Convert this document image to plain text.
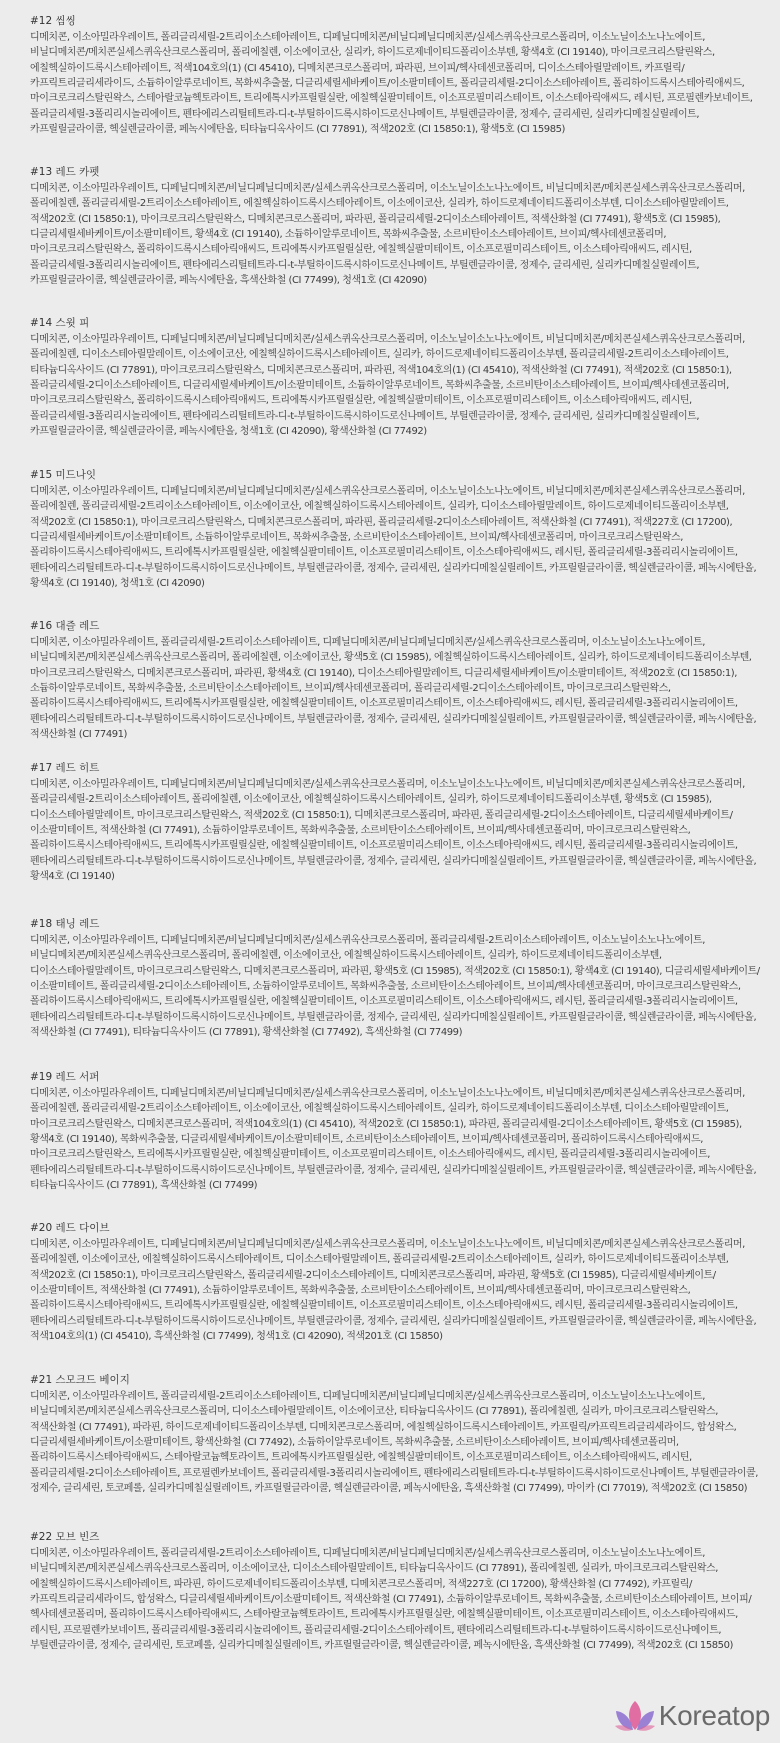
#12 씸씽
디메치콘, 이소아밀라우레이트, 폴리글리세릴-2트리이소스테아레이트, 디페닐디메치콘/비닐디페닐디메치콘/실세스퀴옥산크로스폴리머, 이소노닐이소노나노에이트, 비닐디메치콘/메치콘실세스퀴옥산크로스폴리머, 폴리에칠렌, 이소에이코산, 실리카, 하이드로제네이티드폴리이소부텐, 황색4호 (CI 19140), 마이크로크리스탈린왁스, 에칠헥실하이드록시스테아레이트, 적색104호의(1) (CI 45410), 디메치콘크로스폴리머, 파라핀, 브이피/헥사데센코폴리머, 디이소스테아릴말레이트, 카프릴릭/카프릭트리글리세라이드, 소듐하이알루로네이트, 목화씨추출물, 디글리세릴세바케이트/이소팔미테이트, 폴리글리세릴-2디이소스테아레이트, 폴리하이드록시스테아릭애씨드, 마이크로크리스탈린왁스, 스테아랄코늄헥토라이트, 트리에톡시카프릴릴실란, 에칠헥실팔미테이트, 이소프로필미리스테이트, 이소스테아릭애씨드, 레시틴, 프로필렌카보네이트, 폴리글리세릴-3폴리리시놀리에이트, 펜타에리스리틸테트라-디-t-부틸하이드록시하이드로신나메이트, 부틸렌글라이콜, 정제수, 글리세린, 실리카디메칠실릴레이트, 카프릴릴글라이콜, 헥실렌글라이콜, 페녹시에탄올, 티타늄디옥사이드 (CI 77891), 적색202호 (CI 15850:1), 황색5호 (CI 15985)
#13 레드 카펫
디메치콘, 이소아밀라우레이트, 디페닐디메치콘/비닐디페닐디메치콘/실세스퀴옥산크로스폴리머, 이소노닐이소노나노에이트, 비닐디메치콘/메치콘실세스퀴옥산크로스폴리머, 폴리에칠렌, 폴리글리세릴-2트리이소스테아레이트, 에칠헥실하이드록시스테아레이트, 이소에이코산, 실리카, 하이드로제네이티드폴리이소부텐, 디이소스테아릴말레이트, 적색202호 (CI 15850:1), 마이크로크리스탈린왁스, 디메치콘크로스폴리머, 파라핀, 폴리글리세릴-2디이소스테아레이트, 적색산화철 (CI 77491), 황색5호 (CI 15985), 디글리세릴세바케이트/이소팔미테이트, 황색4호 (CI 19140), 소듐하이알루로네이트, 목화씨추출물, 소르비탄이소스테아레이트, 브이피/헥사데센코폴리머, 마이크로크리스탈린왁스, 폴리하이드록시스테아릭애씨드, 트리에톡시카프릴릴실란, 에칠헥실팔미테이트, 이소프로필미리스테이트, 이소스테아릭애씨드, 레시틴, 폴리글리세릴-3폴리리시놀리에이트, 펜타에리스리틸테트라-디-t-부틸하이드록시하이드로신나메이트, 부틸렌글라이콜, 정제수, 글리세린, 실리카디메칠실릴레이트, 카프릴릴글라이콜, 헥실렌글라이콜, 페녹시에탄올, 흑색산화철 (CI 77499), 청색1호 (CI 42090)
#14 스윗 피
디메치콘, 이소아밀라우레이트, 디페닐디메치콘/비닐디페닐디메치콘/실세스퀴옥산크로스폴리머, 이소노닐이소노나노에이트, 비닐디메치콘/메치콘실세스퀴옥산크로스폴리머, 폴리에칠렌, 디이소스테아릴말레이트, 이소에이코산, 에칠헥실하이드록시스테아레이트, 실리카, 하이드로제네이티드폴리이소부텐, 폴리글리세릴-2트리이소스테아레이트, 티타늄디옥사이드 (CI 77891), 마이크로크리스탈린왁스, 디메치콘크로스폴리머, 파라핀, 적색104호의(1) (CI 45410), 적색산화철 (CI 77491), 적색202호 (CI 15850:1), 폴리글리세릴-2디이소스테아레이트, 디글리세릴세바케이트/이소팔미테이트, 소듐하이알루로네이트, 목화씨추출물, 소르비탄이소스테아레이트, 브이피/헥사데센코폴리머, 마이크로크리스탈린왁스, 폴리하이드록시스테아릭애씨드, 트리에톡시카프릴릴실란, 에칠헥실팔미테이트, 이소프로필미리스테이트, 이소스테아릭애씨드, 레시틴, 폴리글리세릴-3폴리리시놀리에이트, 펜타에리스리틸테트라-디-t-부틸하이드록시하이드로신나메이트, 부틸렌글라이콜, 정제수, 글리세린, 실리카디메칠실릴레이트, 카프릴릴글라이콜, 헥실렌글라이콜, 페녹시에탄올, 청색1호 (CI 42090), 황색산화철 (CI 77492)
#15 미드나잇
디메치콘, 이소아밀라우레이트, 디페닐디메치콘/비닐디페닐디메치콘/실세스퀴옥산크로스폴리머, 이소노닐이소노나노에이트, 비닐디메치콘/메치콘실세스퀴옥산크로스폴리머, 폴리에칠렌, 폴리글리세릴-2트리이소스테아레이트, 이소에이코산, 에칠헥실하이드록시스테아레이트, 실리카, 디이소스테아릴말레이트, 하이드로제네이티드폴리이소부텐, 적색202호 (CI 15850:1), 마이크로크리스탈린왁스, 디메치콘크로스폴리머, 파라핀, 폴리글리세릴-2디이소스테아레이트, 적색산화철 (CI 77491), 적색227호 (CI 17200), 디글리세릴세바케이트/이소팔미테이트, 소듐하이알루로네이트, 목화씨추출물, 소르비탄이소스테아레이트, 브이피/헥사데센코폴리머, 마이크로크리스탈린왁스, 폴리하이드록시스테아릭애씨드, 트리에톡시카프릴릴실란, 에칠헥실팔미테이트, 이소프로필미리스테이트, 이소스테아릭애씨드, 레시틴, 폴리글리세릴-3폴리리시놀리에이트, 펜타에리스리틸테트라-디-t-부틸하이드록시하이드로신나메이트, 부틸렌글라이콜, 정제수, 글리세린, 실리카디메칠실릴레이트, 카프릴릴글라이콜, 헥실렌글라이콜, 페녹시에탄올, 황색4호 (CI 19140), 청색1호 (CI 42090)
#16 대즐 레드
디메치콘, 이소아밀라우레이트, 폴리글리세릴-2트리이소스테아레이트, 디페닐디메치콘/비닐디페닐디메치콘/실세스퀴옥산크로스폴리머, 이소노닐이소노나노에이트, 비닐디메치콘/메치콘실세스퀴옥산크로스폴리머, 폴리에칠렌, 이소에이코산, 황색5호 (CI 15985), 에칠헥실하이드록시스테아레이트, 실리카, 하이드로제네이티드폴리이소부텐, 마이크로크리스탈린왁스, 디메치콘크로스폴리머, 파라핀, 황색4호 (CI 19140), 디이소스테아릴말레이트, 디글리세릴세바케이트/이소팔미테이트, 적색202호 (CI 15850:1), 소듐하이알루로네이트, 목화씨추출물, 소르비탄이소스테아레이트, 브이피/헥사데센코폴리머, 폴리글리세릴-2디이소스테아레이트, 마이크로크리스탈린왁스, 폴리하이드록시스테아릭애씨드, 트리에톡시카프릴릴실란, 에칠헥실팔미테이트, 이소프로필미리스테이트, 이소스테아릭애씨드, 레시틴, 폴리글리세릴-3폴리리시놀리에이트, 펜타에리스리틸테트라-디-t-부틸하이드록시하이드로신나메이트, 부틸렌글라이콜, 정제수, 글리세린, 실리카디메칠실릴레이트, 카프릴릴글라이콜, 헥실렌글라이콜, 페녹시에탄올, 적색산화철 (CI 77491)
#17 레드 히트
디메치콘, 이소아밀라우레이트, 디페닐디메치콘/비닐디페닐디메치콘/실세스퀴옥산크로스폴리머, 이소노닐이소노나노에이트, 비닐디메치콘/메치콘실세스퀴옥산크로스폴리머, 폴리글리세릴-2트리이소스테아레이트, 폴리에칠렌, 이소에이코산, 에칠헥실하이드록시스테아레이트, 실리카, 하이드로제네이티드폴리이소부텐, 황색5호 (CI 15985), 디이소스테아릴말레이트, 마이크로크리스탈린왁스, 적색202호 (CI 15850:1), 디메치콘크로스폴리머, 파라핀, 폴리글리세릴-2디이소스테아레이트, 디글리세릴세바케이트/이소팔미테이트, 적색산화철 (CI 77491), 소듐하이알루로네이트, 목화씨추출물, 소르비탄이소스테아레이트, 브이피/헥사데센코폴리머, 마이크로크리스탈린왁스, 폴리하이드록시스테아릭애씨드, 트리에톡시카프릴릴실란, 에칠헥실팔미테이트, 이소프로필미리스테이트, 이소스테아릭애씨드, 레시틴, 폴리글리세릴-3폴리리시놀리에이트, 펜타에리스리틸테트라-디-t-부틸하이드록시하이드로신나메이트, 부틸렌글라이콜, 정제수, 글리세린, 실리카디메칠실릴레이트, 카프릴릴글라이콜, 헥실렌글라이콜, 페녹시에탄올, 황색4호 (CI 19140)
#18 태닝 레드
디메치콘, 이소아밀라우레이트, 디페닐디메치콘/비닐디페닐디메치콘/실세스퀴옥산크로스폴리머, 폴리글리세릴-2트리이소스테아레이트, 이소노닐이소노나노에이트, 비닐디메치콘/메치콘실세스퀴옥산크로스폴리머, 폴리에칠렌, 이소에이코산, 에칠헥실하이드록시스테아레이트, 실리카, 하이드로제네이티드폴리이소부텐, 디이소스테아릴말레이트, 마이크로크리스탈린왁스, 디메치콘크로스폴리머, 파라핀, 황색5호 (CI 15985), 적색202호 (CI 15850:1), 황색4호 (CI 19140), 디글리세릴세바케이트/이소팔미테이트, 폴리글리세릴-2디이소스테아레이트, 소듐하이알루로네이트, 목화씨추출물, 소르비탄이소스테아레이트, 브이피/헥사데센코폴리머, 마이크로크리스탈린왁스, 폴리하이드록시스테아릭애씨드, 트리에톡시카프릴릴실란, 에칠헥실팔미테이트, 이소프로필미리스테이트, 이소스테아릭애씨드, 레시틴, 폴리글리세릴-3폴리리시놀리에이트, 펜타에리스리틸테트라-디-t-부틸하이드록시하이드로신나메이트, 부틸렌글라이콜, 정제수, 글리세린, 실리카디메칠실릴레이트, 카프릴릴글라이콜, 헥실렌글라이콜, 페녹시에탄올, 적색산화철 (CI 77491), 티타늄디옥사이드 (CI 77891), 황색산화철 (CI 77492), 흑색산화철 (CI 77499)
#19 레드 서퍼
디메치콘, 이소아밀라우레이트, 디페닐디메치콘/비닐디페닐디메치콘/실세스퀴옥산크로스폴리머, 이소노닐이소노나노에이트, 비닐디메치콘/메치콘실세스퀴옥산크로스폴리머, 폴리에칠렌, 폴리글리세릴-2트리이소스테아레이트, 이소에이코산, 에칠헥실하이드록시스테아레이트, 실리카, 하이드로제네이티드폴리이소부텐, 디이소스테아릴말레이트, 마이크로크리스탈린왁스, 디메치콘크로스폴리머, 적색104호의(1) (CI 45410), 적색202호 (CI 15850:1), 파라핀, 폴리글리세릴-2디이소스테아레이트, 황색5호 (CI 15985), 황색4호 (CI 19140), 목화씨추출물, 디글리세릴세바케이트/이소팔미테이트, 소르비탄이소스테아레이트, 브이피/헥사데센코폴리머, 폴리하이드록시스테아릭애씨드, 마이크로크리스탈린왁스, 트리에톡시카프릴릴실란, 에칠헥실팔미테이트, 이소프로필미리스테이트, 이소스테아릭애씨드, 레시틴, 폴리글리세릴-3폴리리시놀리에이트, 펜타에리스리틸테트라-디-t-부틸하이드록시하이드로신나메이트, 부틸렌글라이콜, 정제수, 글리세린, 실리카디메칠실릴레이트, 카프릴릴글라이콜, 헥실렌글라이콜, 페녹시에탄올, 티타늄디옥사이드 (CI 77891), 흑색산화철 (CI 77499)
#20 레드 다이브
디메치콘, 이소아밀라우레이트, 디페닐디메치콘/비닐디페닐디메치콘/실세스퀴옥산크로스폴리머, 이소노닐이소노나노에이트, 비닐디메치콘/메치콘실세스퀴옥산크로스폴리머, 폴리에칠렌, 이소에이코산, 에칠헥실하이드록시스테아레이트, 디이소스테아릴말레이트, 폴리글리세릴-2트리이소스테아레이트, 실리카, 하이드로제네이티드폴리이소부텐, 적색202호 (CI 15850:1), 마이크로크리스탈린왁스, 폴리글리세릴-2디이소스테아레이트, 디메치콘크로스폴리머, 파라핀, 황색5호 (CI 15985), 디글리세릴세바케이트/이소팔미테이트, 적색산화철 (CI 77491), 소듐하이알루로네이트, 목화씨추출물, 소르비탄이소스테아레이트, 브이피/헥사데센코폴리머, 마이크로크리스탈린왁스, 폴리하이드록시스테아릭애씨드, 트리에톡시카프릴릴실란, 에칠헥실팔미테이트, 이소프로필미리스테이트, 이소스테아릭애씨드, 레시틴, 폴리글리세릴-3폴리리시놀리에이트, 펜타에리스리틸테트라-디-t-부틸하이드록시하이드로신나메이트, 부틸렌글라이콜, 정제수, 글리세린, 실리카디메칠실릴레이트, 카프릴릴글라이콜, 헥실렌글라이콜, 페녹시에탄올, 적색104호의(1) (CI 45410), 흑색산화철 (CI 77499), 청색1호 (CI 42090), 적색201호 (CI 15850)
#21 스모크드 베이지
디메치콘, 이소아밀라우레이트, 폴리글리세릴-2트리이소스테아레이트, 디페닐디메치콘/비닐디페닐디메치콘/실세스퀴옥산크로스폴리머, 이소노닐이소노나노에이트, 비닐디메치콘/메치콘실세스퀴옥산크로스폴리머, 디이소스테아릴말레이트, 이소에이코산, 티타늄디옥사이드 (CI 77891), 폴리에칠렌, 실리카, 마이크로크리스탈린왁스, 적색산화철 (CI 77491), 파라핀, 하이드로제네이티드폴리이소부텐, 디메치콘크로스폴리머, 에칠헥실하이드록시스테아레이트, 카프릴릭/카프릭트리글리세라이드, 합성왁스, 디글리세릴세바케이트/이소팔미테이트, 황색산화철 (CI 77492), 소듐하이알루로네이트, 목화씨추출물, 소르비탄이소스테아레이트, 브이피/헥사데센코폴리머, 폴리하이드록시스테아릭애씨드, 스테아랄코늄헥토라이트, 트리에톡시카프릴릴실란, 에칠헥실팔미테이트, 이소프로필미리스테이트, 이소스테아릭애씨드, 레시틴, 폴리글리세릴-2디이소스테아레이트, 프로필렌카보네이트, 폴리글리세릴-3폴리리시놀리에이트, 펜타에리스리틸테트라-디-t-부틸하이드록시하이드로신나메이트, 부틸렌글라이콜, 정제수, 글리세린, 토코페롤, 실리카디메칠실릴레이트, 카프릴릴글라이콜, 헥실렌글라이콜, 페녹시에탄올, 흑색산화철 (CI 77499), 마이카 (CI 77019), 적색202호 (CI 15850)
#22 모브 빈즈
디메치콘, 이소아밀라우레이트, 폴리글리세릴-2트리이소스테아레이트, 디페닐디메치콘/비닐디페닐디메치콘/실세스퀴옥산크로스폴리머, 이소노닐이소노나노에이트, 비닐디메치콘/메치콘실세스퀴옥산크로스폴리머, 이소에이코산, 디이소스테아릴말레이트, 티타늄디옥사이드 (CI 77891), 폴리에칠렌, 실리카, 마이크로크리스탈린왁스, 에칠헥실하이드록시스테아레이트, 파라핀, 하이드로제네이티드폴리이소부텐, 디메치콘크로스폴리머, 적색227호 (CI 17200), 황색산화철 (CI 77492), 카프릴릭/카프릭트리글리세라이드, 합성왁스, 디글리세릴세바케이트/이소팔미테이트, 적색산화철 (CI 77491), 소듐하이알루로네이트, 목화씨추출물, 소르비탄이소스테아레이트, 브이피/헥사데센코폴리머, 폴리하이드록시스테아릭애씨드, 스테아랄코늄헥토라이트, 트리에톡시카프릴릴실란, 에칠헥실팔미테이트, 이소프로필미리스테이트, 이소스테아릭애씨드, 레시틴, 프로필렌카보네이트, 폴리글리세릴-3폴리리시놀리에이트, 폴리글리세릴-2디이소스테아레이트, 펜타에리스리틸테트라-디-t-부틸하이드록시하이드로신나메이트, 부틸렌글라이콜, 정제수, 글리세린, 토코페롤, 실리카디메칠실릴레이트, 카프릴릴글라이콜, 헥실렌글라이콜, 페녹시에탄올, 흑색산화철 (CI 77499), 적색202호 (CI 15850)
Koreatop
